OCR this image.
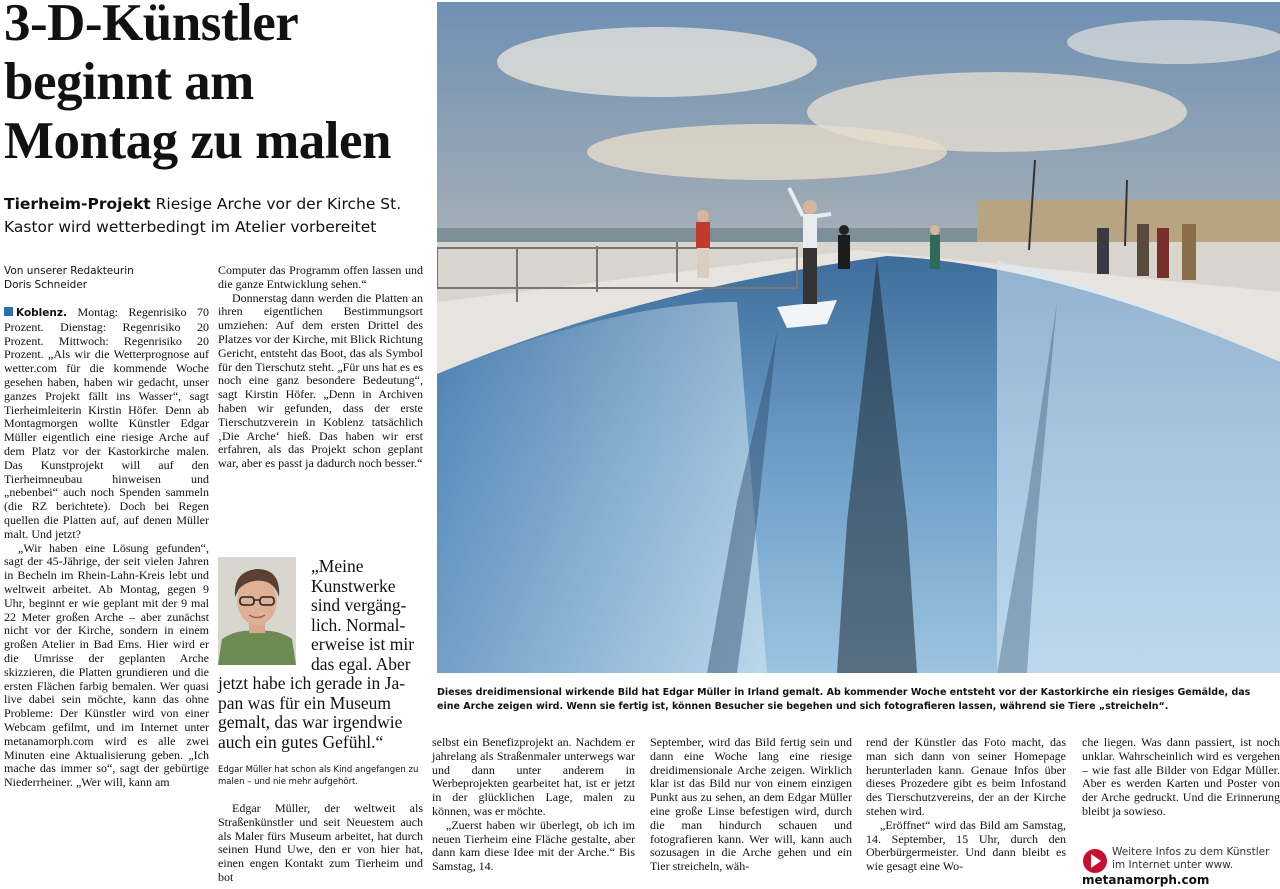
3-D-Künstler beginnt am Montag zu malen
Tierheim-Projekt Riesige Arche vor der Kirche St. Kastor wird wetterbedingt im Atelier vorbereitet
Von unserer Redakteurin
Doris Schneider

Koblenz. Montag: Regenrisiko 70 Prozent. Dienstag: Regenrisiko 20 Prozent. Mittwoch: Regenrisiko 20 Prozent. „Als wir die Wetterprognose auf wetter.com für die kommende Woche gesehen haben, haben wir gedacht, unser ganzes Projekt fällt ins Wasser“, sagt Tierheimleiterin Kirstin Höfer. Denn ab Montagmorgen wollte Künstler Edgar Müller eigentlich eine riesige Arche auf dem Platz vor der Kastorkirche malen. Das Kunstprojekt will auf den Tierheimneubau hinweisen und „nebenbei“ auch noch Spenden sammeln (die RZ berichtete). Doch bei Regen quellen die Platten auf, auf denen Müller malt. Und jetzt?

„Wir haben eine Lösung gefunden“, sagt der 45-Jährige, der seit vielen Jahren in Becheln im Rhein-Lahn-Kreis lebt und weltweit arbeitet. Ab Montag, gegen 9 Uhr, beginnt er wie geplant mit der 9 mal 22 Meter großen Arche – aber zunächst nicht vor der Kirche, sondern in einem großen Atelier in Bad Ems. Hier wird er die Umrisse der geplanten Arche skizzieren, die Platten grundieren und die ersten Flächen farbig bemalen. Wer quasi live dabei sein möchte, kann das ohne Probleme: Der Künstler wird von einer Webcam gefilmt, und im Internet unter metanamorph.com wird es alle zwei Minuten eine Aktualisierung geben. „Ich mache das immer so“, sagt der gebürtige Niederrheiner. „Wer will, kann am

Computer das Programm offen lassen und die ganze Entwicklung sehen.“

Donnerstag dann werden die Platten an ihren eigentlichen Bestimmungsort umziehen: Auf dem ersten Drittel des Platzes vor der Kirche, mit Blick Richtung Gericht, entsteht das Boot, das als Symbol für den Tierschutz steht. „Für uns hat es es noch eine ganz besondere Bedeutung“, sagt Kirstin Höfer. „Denn in Archiven haben wir gefunden, dass der erste Tierschutzverein in Koblenz tatsächlich ‚Die Arche‘ hieß. Das haben wir erst erfahren, als das Projekt schon geplant war, aber es passt ja dadurch noch besser.“

„Meine
Kunstwerke
sind vergäng-
lich. Normal-
erweise ist mir
das egal. Aber
jetzt habe ich gerade in Ja-
pan was für ein Museum
gemalt, das war irgendwie
auch ein gutes Gefühl.“
Edgar Müller hat schon als Kind angefangen zu malen – und nie mehr aufgehört.

Edgar Müller, der weltweit als Straßenkünstler und seit Neuestem auch als Maler fürs Museum arbeitet, hat durch seinen Hund Uwe, den er von hier hat, einen engen Kontakt zum Tierheim und bot

Dieses dreidimensional wirkende Bild hat Edgar Müller in Irland gemalt. Ab kommender Woche entsteht vor der Kastorkirche ein riesiges Gemälde, das eine Arche zeigen wird. Wenn sie fertig ist, können Besucher sie begehen und sich fotografieren lassen, während sie Tiere „streicheln“.

selbst ein Benefizprojekt an. Nachdem er jahrelang als Straßenmaler unterwegs war und dann unter anderem in Werbeprojekten gearbeitet hat, ist er jetzt in der glücklichen Lage, malen zu können, was er möchte.

„Zuerst haben wir überlegt, ob ich im neuen Tierheim eine Fläche gestalte, aber dann kam diese Idee mit der Arche.“ Bis Samstag, 14.

September, wird das Bild fertig sein und dann eine Woche lang eine riesige dreidimensionale Arche zeigen. Wirklich klar ist das Bild nur von einem einzigen Punkt aus zu sehen, an dem Edgar Müller eine große Linse befestigen wird, durch die man hindurch schauen und fotografieren kann. Wer will, kann auch sozusagen in die Arche gehen und ein Tier streicheln, wäh-

rend der Künstler das Foto macht, das man sich dann von seiner Homepage herunterladen kann. Genaue Infos über dieses Prozedere gibt es beim Infostand des Tierschutzvereins, der an der Kirche stehen wird.

„Eröffnet“ wird das Bild am Samstag, 14. September, 15 Uhr, durch den Oberbürgermeister. Und dann bleibt es wie gesagt eine Wo-

che liegen. Was dann passiert, ist noch unklar. Wahrscheinlich wird es vergehen – wie fast alle Bilder von Edgar Müller. Aber es werden Karten und Poster von der Arche gedruckt. Und die Erinnerung bleibt ja sowieso.

Weitere Infos zu dem Künstler im Internet unter www.
metanamorph.com
